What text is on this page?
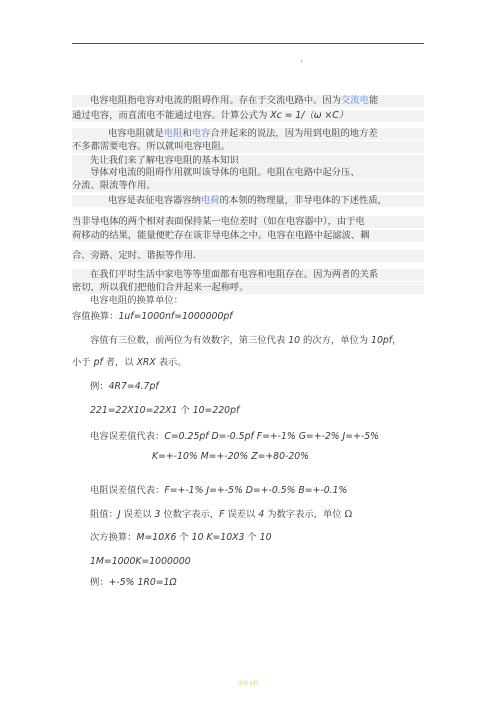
1
电容电阻指电容对电流的阻碍作用。存在于交流电路中。因为交流电能
通过电容，而直流电不能通过电容。计算公式为 Xc = 1/（ω ×C）
电容电阻就是电阻和电容合并起来的说法，因为用到电阻的地方差
不多都需要电容。所以就叫电容电阻。
先让我们来了解电容电阻的基本知识
导体对电流的阻碍作用就叫该导体的电阻。电阻在电路中起分压、
分流、限流等作用。
电容是表征电容器容纳电荷的本领的物理量，非导电体的下述性质，
当非导电体的两个相对表面保持某一电位差时（如在电容器中），由于电
荷移动的结果，能量便贮存在该非导电体之中。电容在电路中起滤波、耦
合、旁路、定时、谐振等作用.
在我们平时生活中家电等等里面都有电容和电阻存在。因为两者的关系
密切，所以我们把他们合并起来一起称呼。
电容电阻的换算单位：
容值换算：1uf=1000nf=1000000pf
容值有三位数，前两位为有效数字，第三位代表 10 的次方，单位为 10pf，
小于 pf 者，以 XRX 表示。
例：4R7=4.7pf
221=22X10=22X1 个 10=220pf
电容误差值代表：C=0.25pf D=-0.5pf F=+-1% G=+-2% J=+-5%
K=+-10% M=+-20% Z=+80-20%
电阻误差值代表：F=+-1% J=+-5% D=+-0.5% B=+-0.1%
阻值：J 误差以 3 位数字表示，F 误差以 4 为数字表示，单位 Ω
次方换算：M=10X6 个 10 K=10X3 个 10
1M=1000K=1000000
例：+-5% 1R0=1Ω
实用文档
